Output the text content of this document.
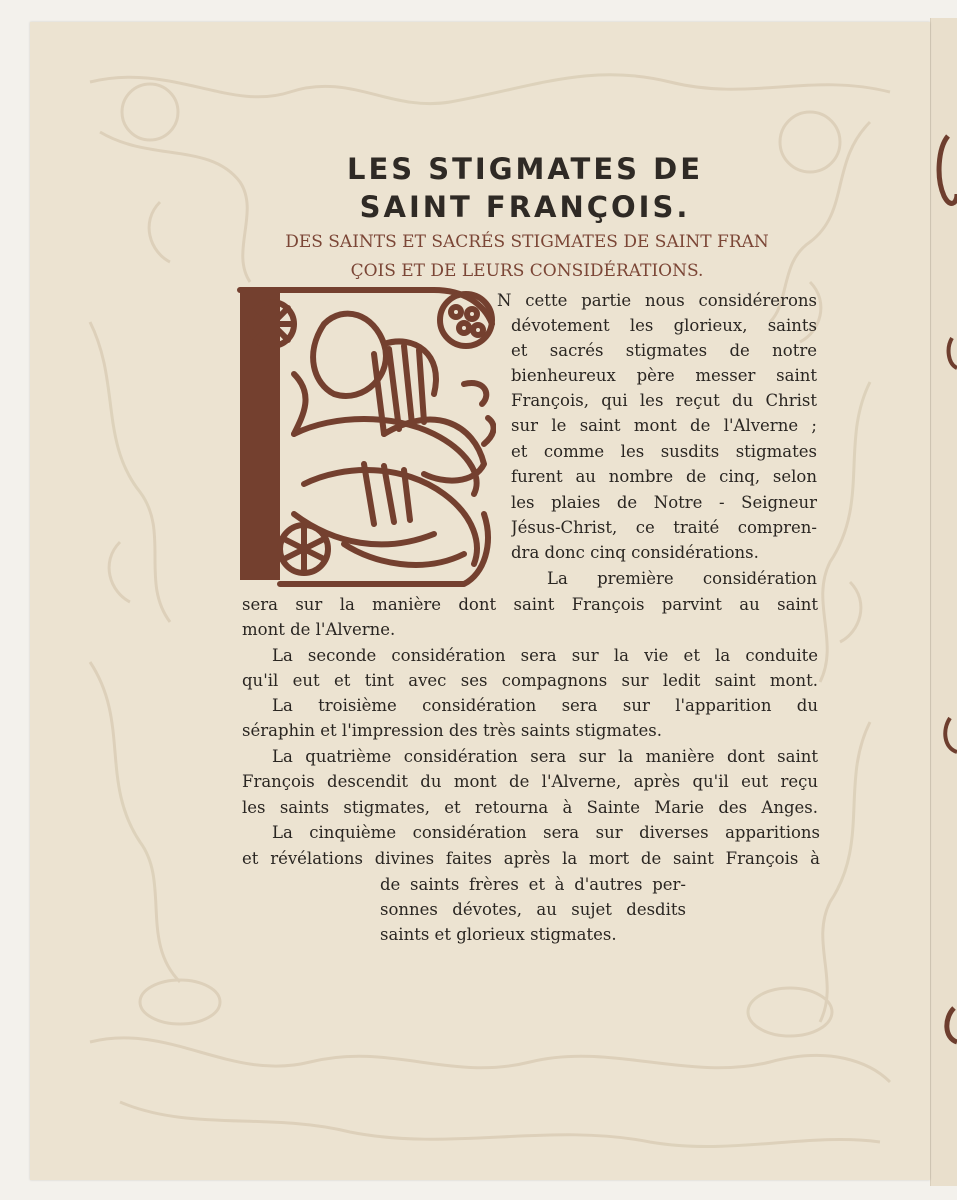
LES STIGMATES DE
SAINT FRANÇOIS.
DES SAINTS ET SACRÉS STIGMATES DE SAINT FRAN
ÇOIS ET DE LEURS CONSIDÉRATIONS.
N cette partie nous considérerons
dévotement les glorieux, saints
et sacrés stigmates de notre
bienheureux père messer saint
François, qui les reçut du Christ
sur le saint mont de l'Alverne ;
et comme les susdits stigmates
furent au nombre de cinq, selon
les plaies de Notre - Seigneur
Jésus-Christ, ce traité compren-
dra donc cinq considérations.
La première considération
sera sur la manière dont saint François parvint au saint
mont de l'Alverne.
La seconde considération sera sur la vie et la conduite
qu'il eut et tint avec ses compagnons sur ledit saint mont.
La troisième considération sera sur l'apparition du
séraphin et l'impression des très saints stigmates.
La quatrième considération sera sur la manière dont saint
François descendit du mont de l'Alverne, après qu'il eut reçu
les saints stigmates, et retourna à Sainte Marie des Anges.
La cinquième considération sera sur diverses apparitions
et révélations divines faites après la mort de saint François à
de saints frères et à d'autres per-
sonnes dévotes, au sujet desdits
saints et glorieux stigmates.
